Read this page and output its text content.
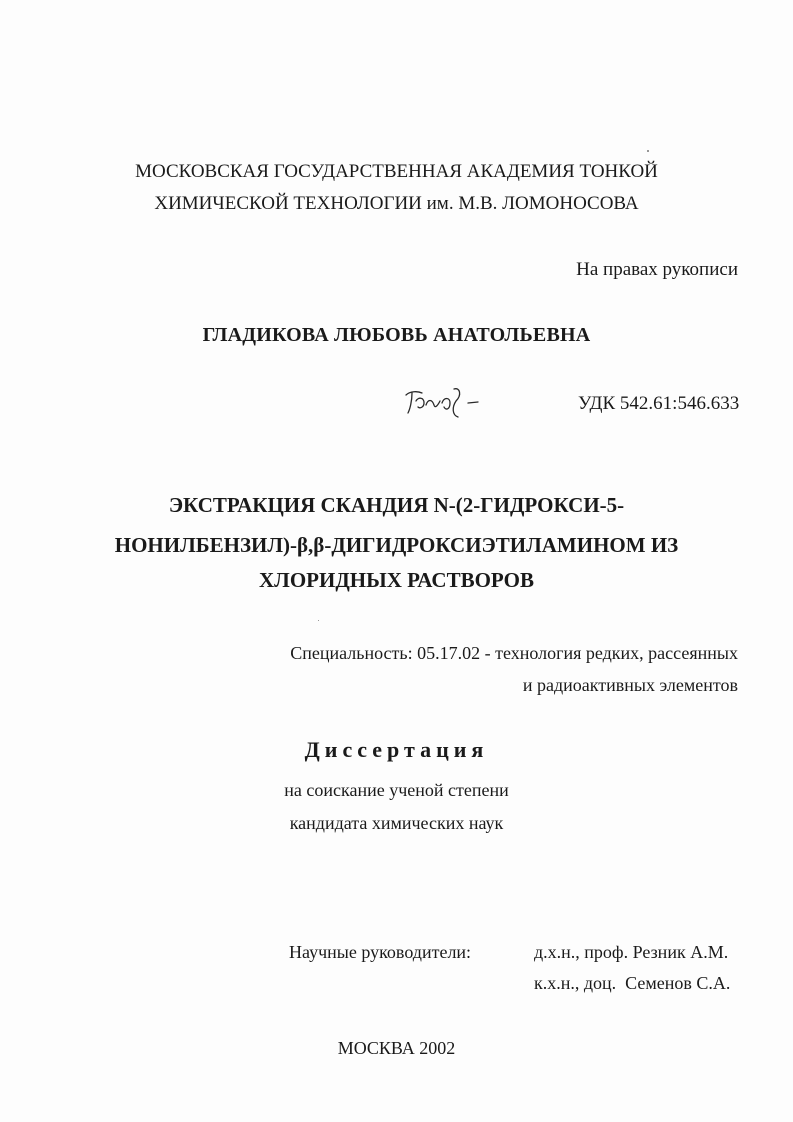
МОСКОВСКАЯ ГОСУДАРСТВЕННАЯ АКАДЕМИЯ ТОНКОЙ
ХИМИЧЕСКОЙ ТЕХНОЛОГИИ им. М.В. ЛОМОНОСОВА
На правах рукописи
ГЛАДИКОВА ЛЮБОВЬ АНАТОЛЬЕВНА
УДК 542.61:546.633
ЭКСТРАКЦИЯ СКАНДИЯ N-(2-ГИДРОКСИ-5-
НОНИЛБЕНЗИЛ)-β,β-ДИГИДРОКСИЭТИЛАМИНОМ ИЗ
ХЛОРИДНЫХ РАСТВОРОВ
Специальность: 05.17.02 - технология редких, рассеянных
и радиоактивных элементов
Диссертация
на соискание ученой степени
кандидата химических наук
Научные руководители:	д.х.н., проф. Резник А.М.
к.х.н., доц.  Семенов С.А.
МОСКВА 2002
